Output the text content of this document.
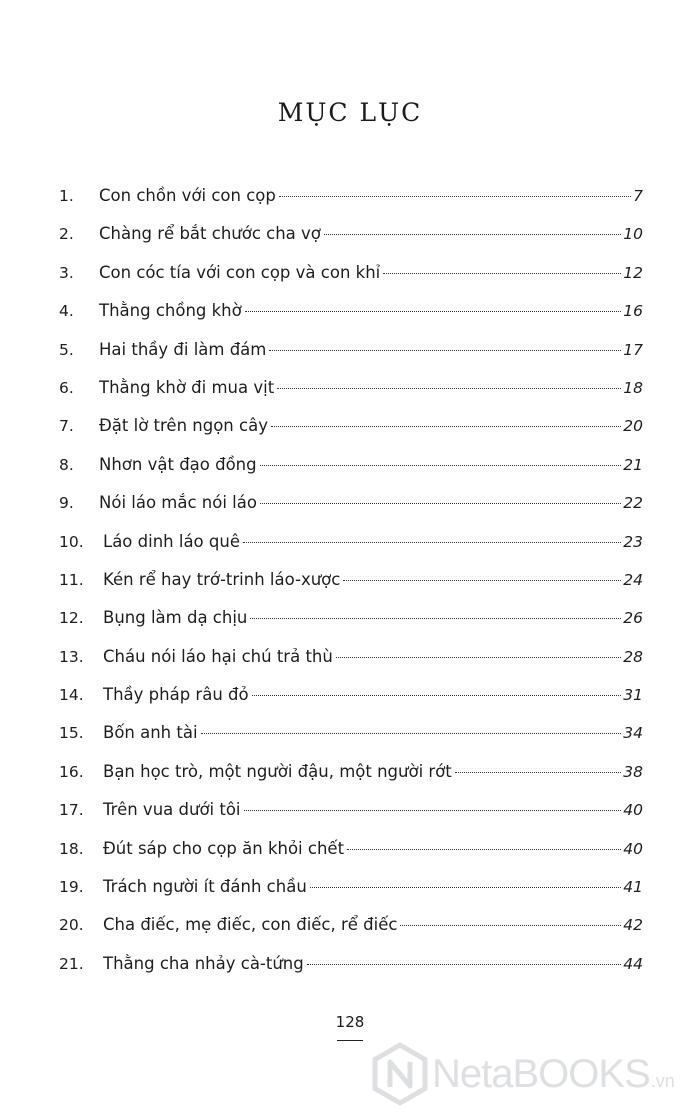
MỤC LỤC
1.	Con chồn với con cọp	7
2.	Chàng rể bắt chước cha vợ	10
3.	Con cóc tía với con cọp và con khỉ	12
4.	Thằng chồng khờ	16
5.	Hai thầy đi làm đám	17
6.	Thằng khờ đi mua vịt	18
7.	Đặt lờ trên ngọn cây	20
8.	Nhơn vật đạo đồng	21
9.	Nói láo mắc nói láo	22
10.	Láo dinh láo quê	23
11.	Kén rể hay trớ-trinh láo-xược	24
12.	Bụng làm dạ chịu	26
13.	Cháu nói láo hại chú trả thù	28
14.	Thầy pháp râu đỏ	31
15.	Bốn anh tài	34
16.	Bạn học trò, một người đậu, một người rớt	38
17.	Trên vua dưới tôi	40
18.	Đút sáp cho cọp ăn khỏi chết	40
19.	Trách người ít đánh chầu	41
20.	Cha điếc, mẹ điếc, con điếc, rể điếc	42
21.	Thằng cha nhảy cà-tứng	44
128
NetaBOOKS .vn
